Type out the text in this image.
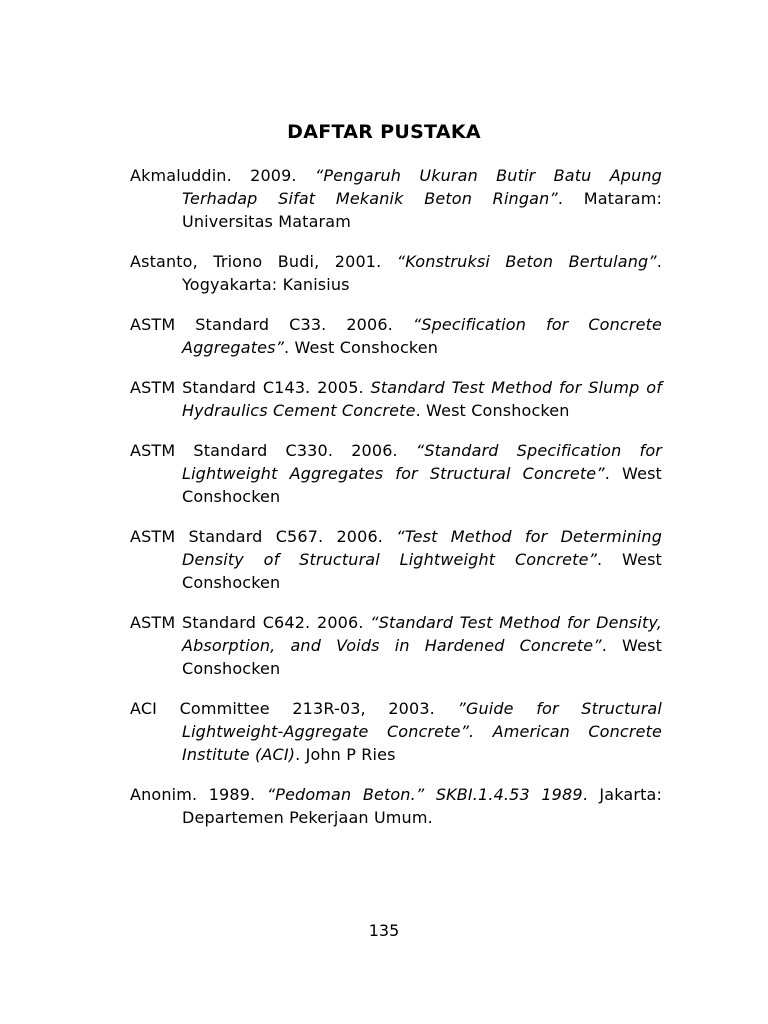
DAFTAR PUSTAKA
Akmaluddin. 2009. “Pengaruh Ukuran Butir Batu Apung Terhadap Sifat Mekanik Beton Ringan”. Mataram: Universitas Mataram
Astanto, Triono Budi, 2001. “Konstruksi Beton Bertulang”. Yogyakarta: Kanisius
ASTM Standard C33. 2006. “Specification for Concrete Aggregates”. West Conshocken
ASTM Standard C143. 2005. Standard Test Method for Slump of Hydraulics Cement Concrete. West Conshocken
ASTM Standard C330. 2006. “Standard Specification for Lightweight Aggregates for Structural Concrete”. West Conshocken
ASTM Standard C567. 2006. “Test Method for Determining Density of Structural Lightweight Concrete”. West Conshocken
ASTM Standard C642. 2006. “Standard Test Method for Density, Absorption, and Voids in Hardened Concrete”. West Conshocken
ACI Committee 213R-03, 2003. ”Guide for Structural Lightweight-Aggregate Concrete”. American Concrete Institute (ACI). John P Ries
Anonim. 1989. “Pedoman Beton.” SKBI.1.4.53 1989. Jakarta: Departemen Pekerjaan Umum.
135
